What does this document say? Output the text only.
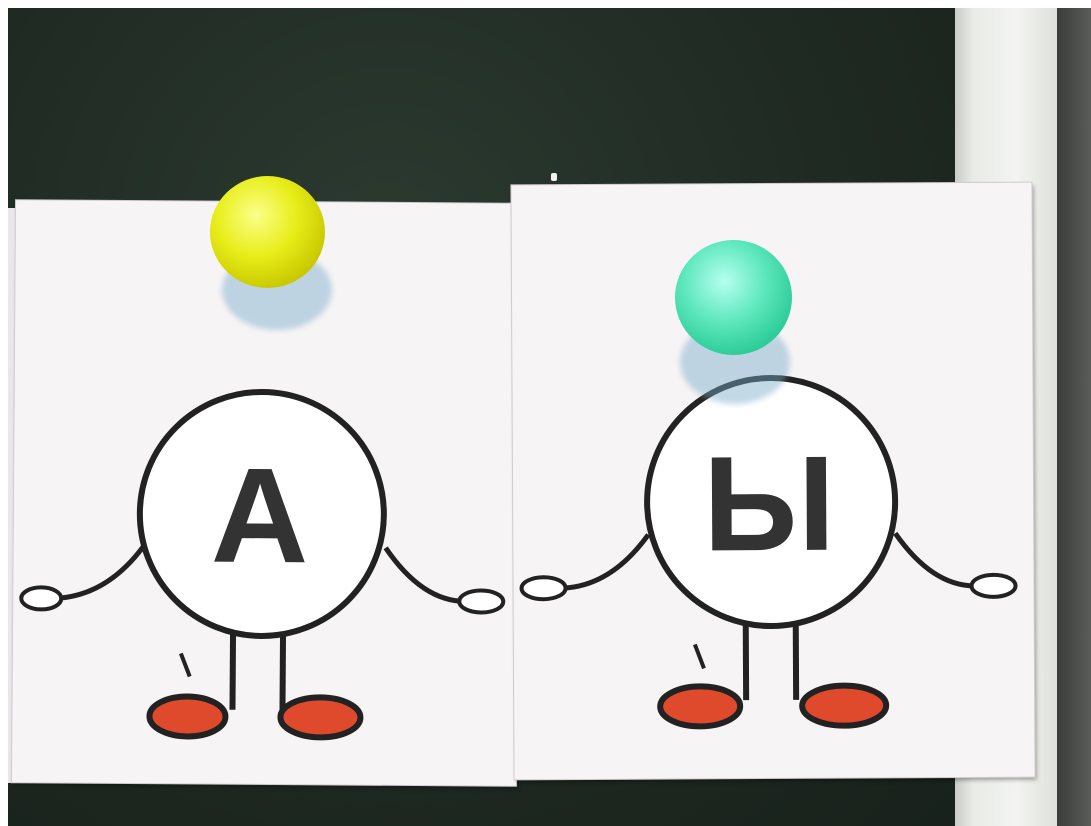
А	Ы
